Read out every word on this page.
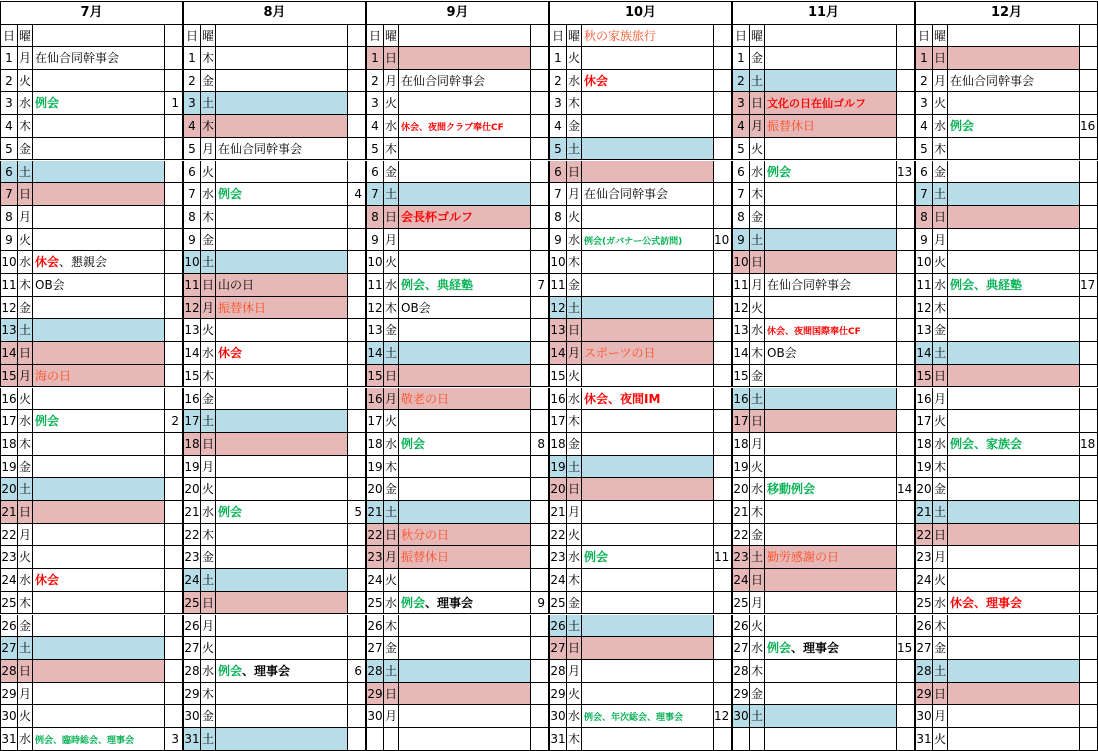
7月
日 曜
1 月 在仙合同幹事会
2 火
3 水 例会	1
4 木
5 金
6 土
7 日
8 月
9 火
10 水 休会、懇親会
11 木 OB会
12 金
13 土
14 日
15 月 海の日
16 火
17 水 例会	2
18 木
19 金
20 土
21 日
22 月
23 火
24 水 休会
25 木
26 金
27 土
28 日
29 月
30 火
31 水 例会、臨時総会、理事会	3
8月
日 曜
1 木
2 金
3 土
4 木
5 月 在仙合同幹事会
6 火
7 水 例会	4
8 木
9 金
10 土
11 日 山の日
12 月 振替休日
13 火
14 水 休会
15 木
16 金
17 土
18 日
19 月
20 火
21 水 例会	5
22 木
23 金
24 土
25 日
26 月
27 火
28 水 例会、理事会	6
29 木
30 金
31 土
9月
日 曜
1 日
2 月 在仙合同幹事会
3 火
4 水 休会、夜間クラブ奉仕CF
5 木
6 金
7 土
8 日 会長杯ゴルフ
9 月
10 火
11 水 例会、典経塾	7
12 木 OB会
13 金
14 土
15 日
16 月 敬老の日
17 火
18 水 例会	8
19 木
20 金
21 土
22 日 秋分の日
23 月 振替休日
24 火
25 水 例会、理事会	9
26 木
27 金
28 土
29 日
30 月
10月
日 曜 秋の家族旅行
1 火
2 水 休会
3 木
4 金
5 土
6 日
7 月 在仙合同幹事会
8 火
9 水 例会(ガバナー公式訪問)	10
10 木
11 金
12 土
13 日
14 月 スポーツの日
15 火
16 水 休会、夜間IM
17 木
18 金
19 土
20 日
21 月
22 火
23 水 例会	11
24 木
25 金
26 土
27 日
28 月
29 火
30 水 例会、年次総会、理事会	12
31 木
11月
日 曜
1 金
2 土
3 日 文化の日在仙ゴルフ
4 月 振替休日
5 火
6 水 例会	13
7 木
8 金
9 土
10 日
11 月 在仙合同幹事会
12 火
13 水 休会、夜間国際奉仕CF
14 木 OB会
15 金
16 土
17 日
18 月
19 火
20 水 移動例会	14
21 木
22 金
23 土 勤労感謝の日
24 日
25 月
26 火
27 水 例会、理事会	15
28 木
29 金
30 土
12月
日 曜
1 日
2 月 在仙合同幹事会
3 火
4 水 例会	16
5 木
6 金
7 土
8 日
9 月
10 火
11 水 例会、典経塾	17
12 木
13 金
14 土
15 日
16 月
17 火
18 水 例会、家族会	18
19 木
20 金
21 土
22 日
23 月
24 火
25 水 休会、理事会
26 木
27 金
28 土
29 日
30 月
31 火
